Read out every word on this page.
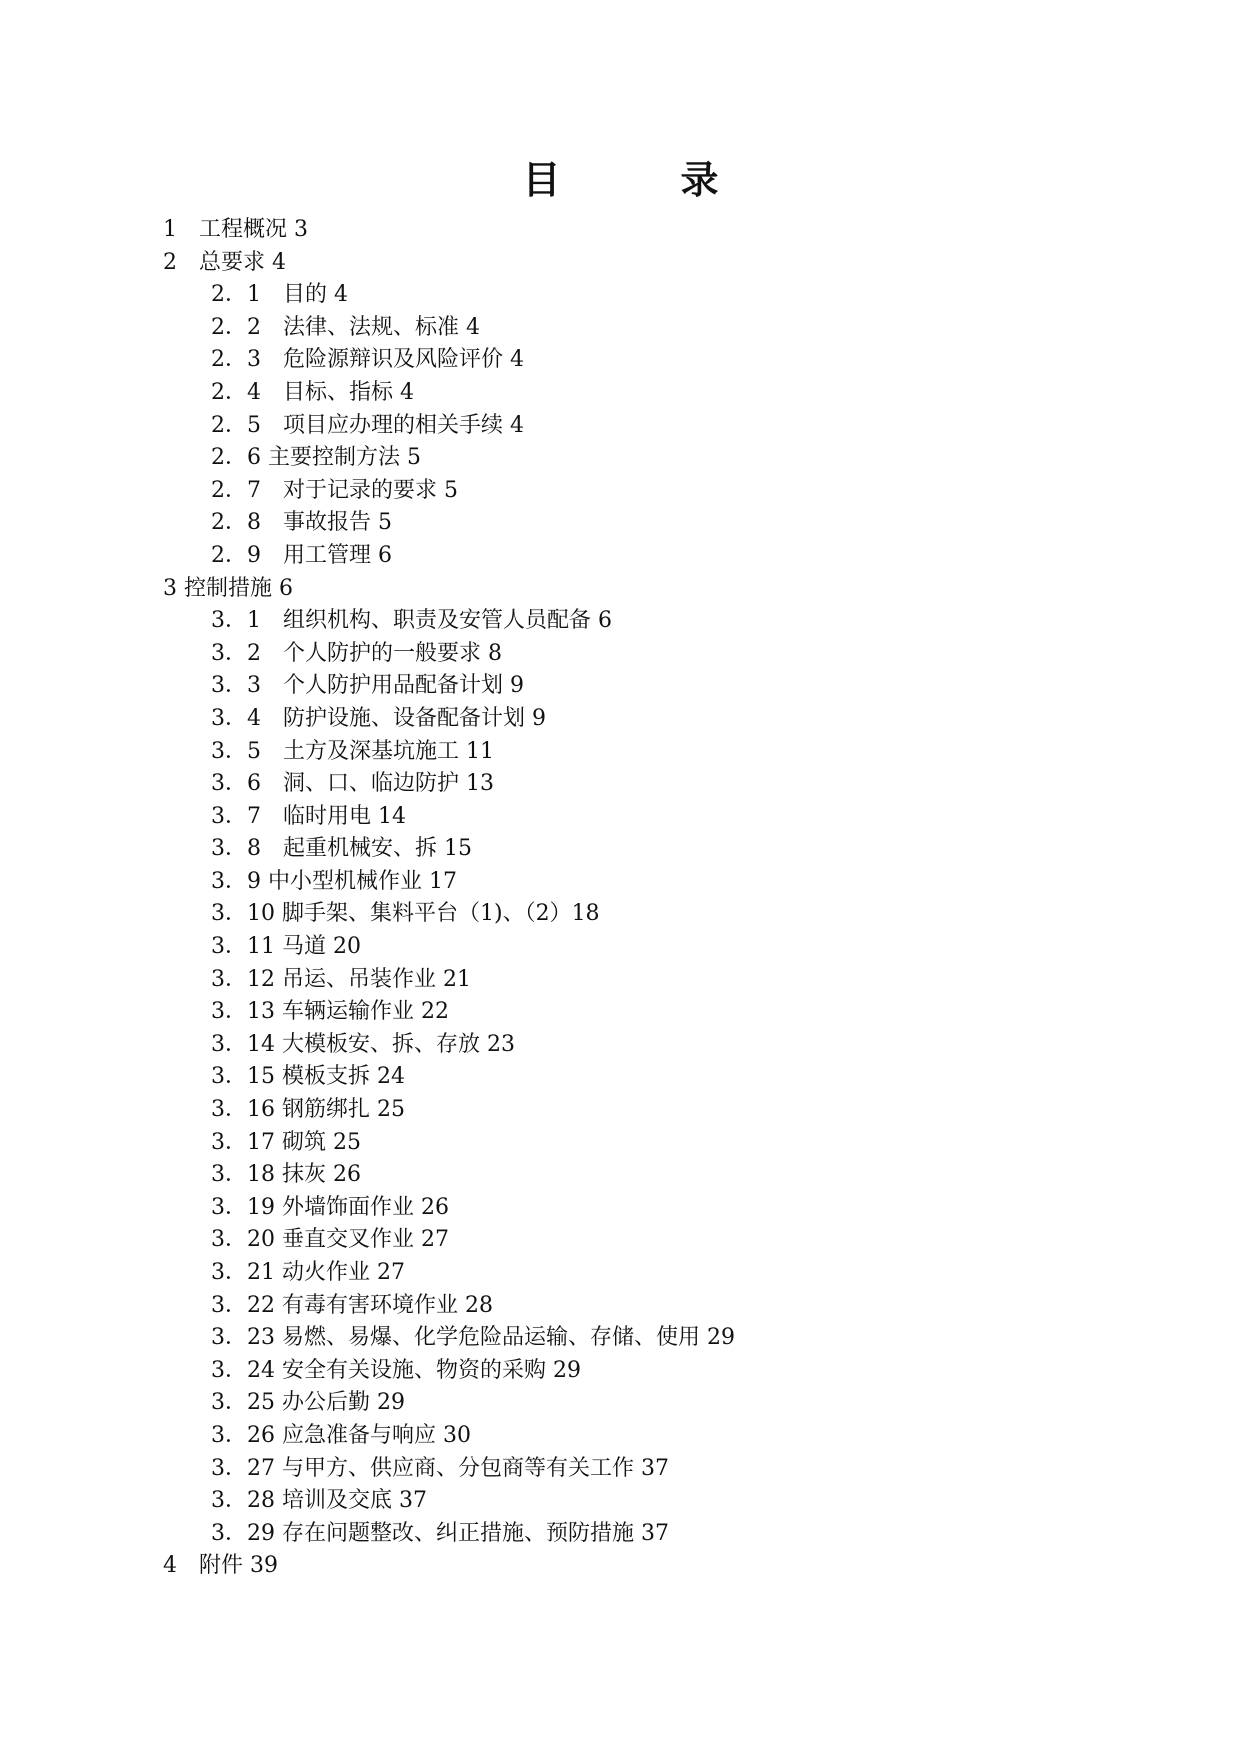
目录
1　工程概况 3
2　总要求 4
2．1　目的 4
2．2　法律、法规、标准 4
2．3　危险源辩识及风险评价 4
2．4　目标、指标 4
2．5　项目应办理的相关手续 4
2．6 主要控制方法 5
2．7　对于记录的要求 5
2．8　事故报告 5
2．9　用工管理 6
3 控制措施 6
3．1　组织机构、职责及安管人员配备 6
3．2　个人防护的一般要求 8
3．3　个人防护用品配备计划 9
3．4　防护设施、设备配备计划 9
3．5　土方及深基坑施工 11
3．6　洞、口、临边防护 13
3．7　临时用电 14
3．8　起重机械安、拆 15
3．9 中小型机械作业 17
3．10 脚手架、集料平台（1)、（2）18
3．11 马道 20
3．12 吊运、吊装作业 21
3．13 车辆运输作业 22
3．14 大模板安、拆、存放 23
3．15 模板支拆 24
3．16 钢筋绑扎 25
3．17 砌筑 25
3．18 抹灰 26
3．19 外墙饰面作业 26
3．20 垂直交叉作业 27
3．21 动火作业 27
3．22 有毒有害环境作业 28
3．23 易燃、易爆、化学危险品运输、存储、使用 29
3．24 安全有关设施、物资的采购 29
3．25 办公后勤 29
3．26 应急准备与响应 30
3．27 与甲方、供应商、分包商等有关工作 37
3．28 培训及交底 37
3．29 存在问题整改、纠正措施、预防措施 37
4　附件 39
